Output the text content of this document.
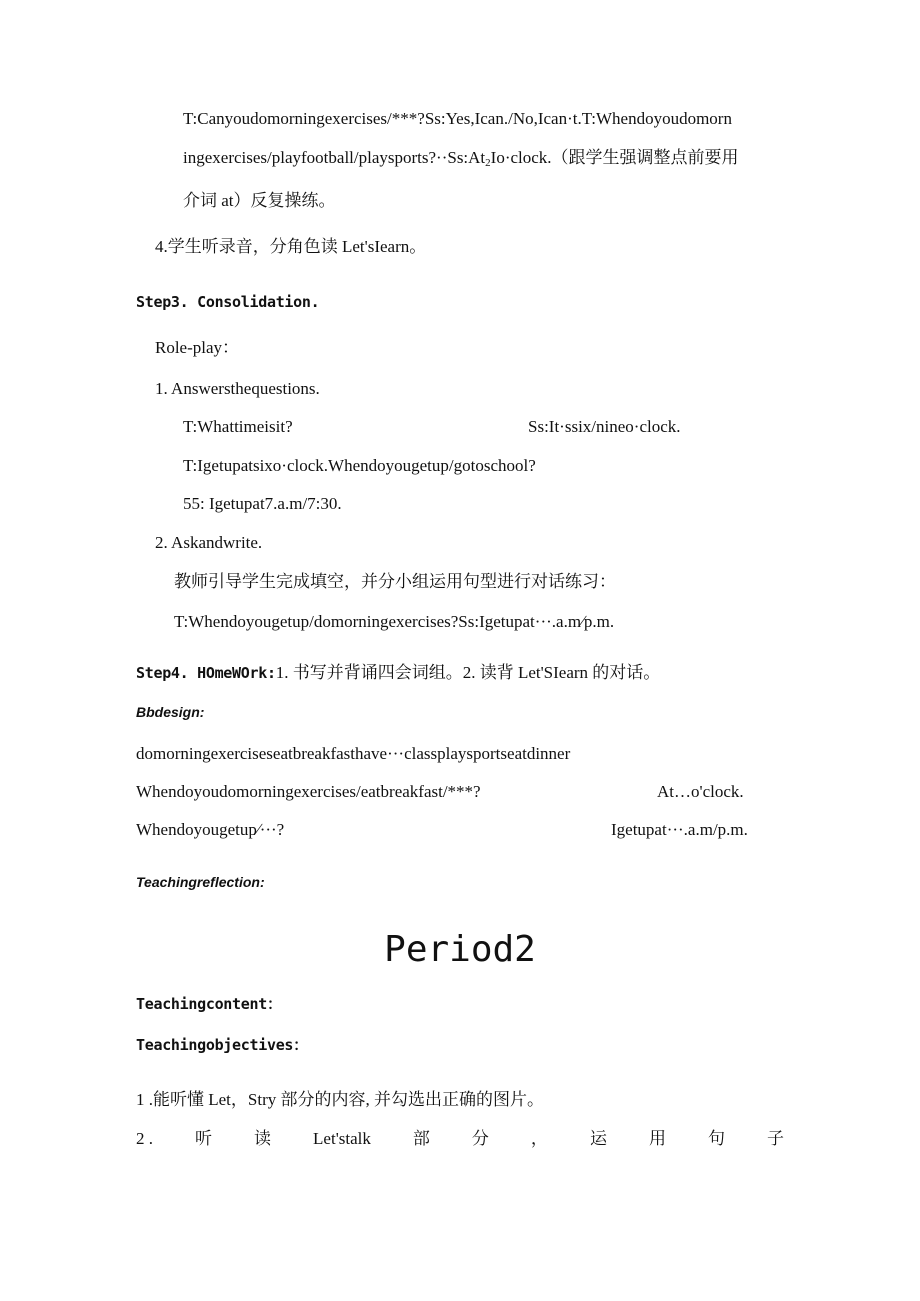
T:Canyoudomorningexercises/***?Ss:Yes,Ican./No,Ican·t.T:Whendoyoudomorn
ingexercises/$playfootball/playsports?\cdot\cdot Ss:At_2Io\cdot clock$.（跟学生强调整点前要用
介词 at）反复操练。
4.学生听录音，分角色读 Let'sIearn。
Step3. Consolidation.
Role-play：
1. Answersthequestions.
T:Whattimeisit?	Ss:It·ssix/nineo·clock.
T:Igetupatsixo·clock.Whendoyougetup/gotoschool?
55: Igetupat7.a.m/7:30.
2. Askandwrite.
教师引导学生完成填空，并分小组运用句型进行对话练习：
T:Whendoyougetup/domorningexercises?Ss:Igetupat···.a.m∕p.m.
Step4. HOmeWOrk:1. 书写并背诵四会词组。2. 读背 Let'SIearn 的对话。
Bbdesign:
domorningexerciseseatbreakfasthave···classplaysportseatdinner
Whendoyoudomorningexercises/eatbreakfast/***?	At…o'clock.
Whendoyougetup∕···?	Igetupat···.a.m/p.m.
Teachingreflection:
Period2
Teachingcontent：
Teachingobjectives：
1 .能听懂 Let，Stry 部分的内容, 并勾选出正确的图片。
2 . 听 读 Let'stalk 部 分 ， 运 用 句 子
